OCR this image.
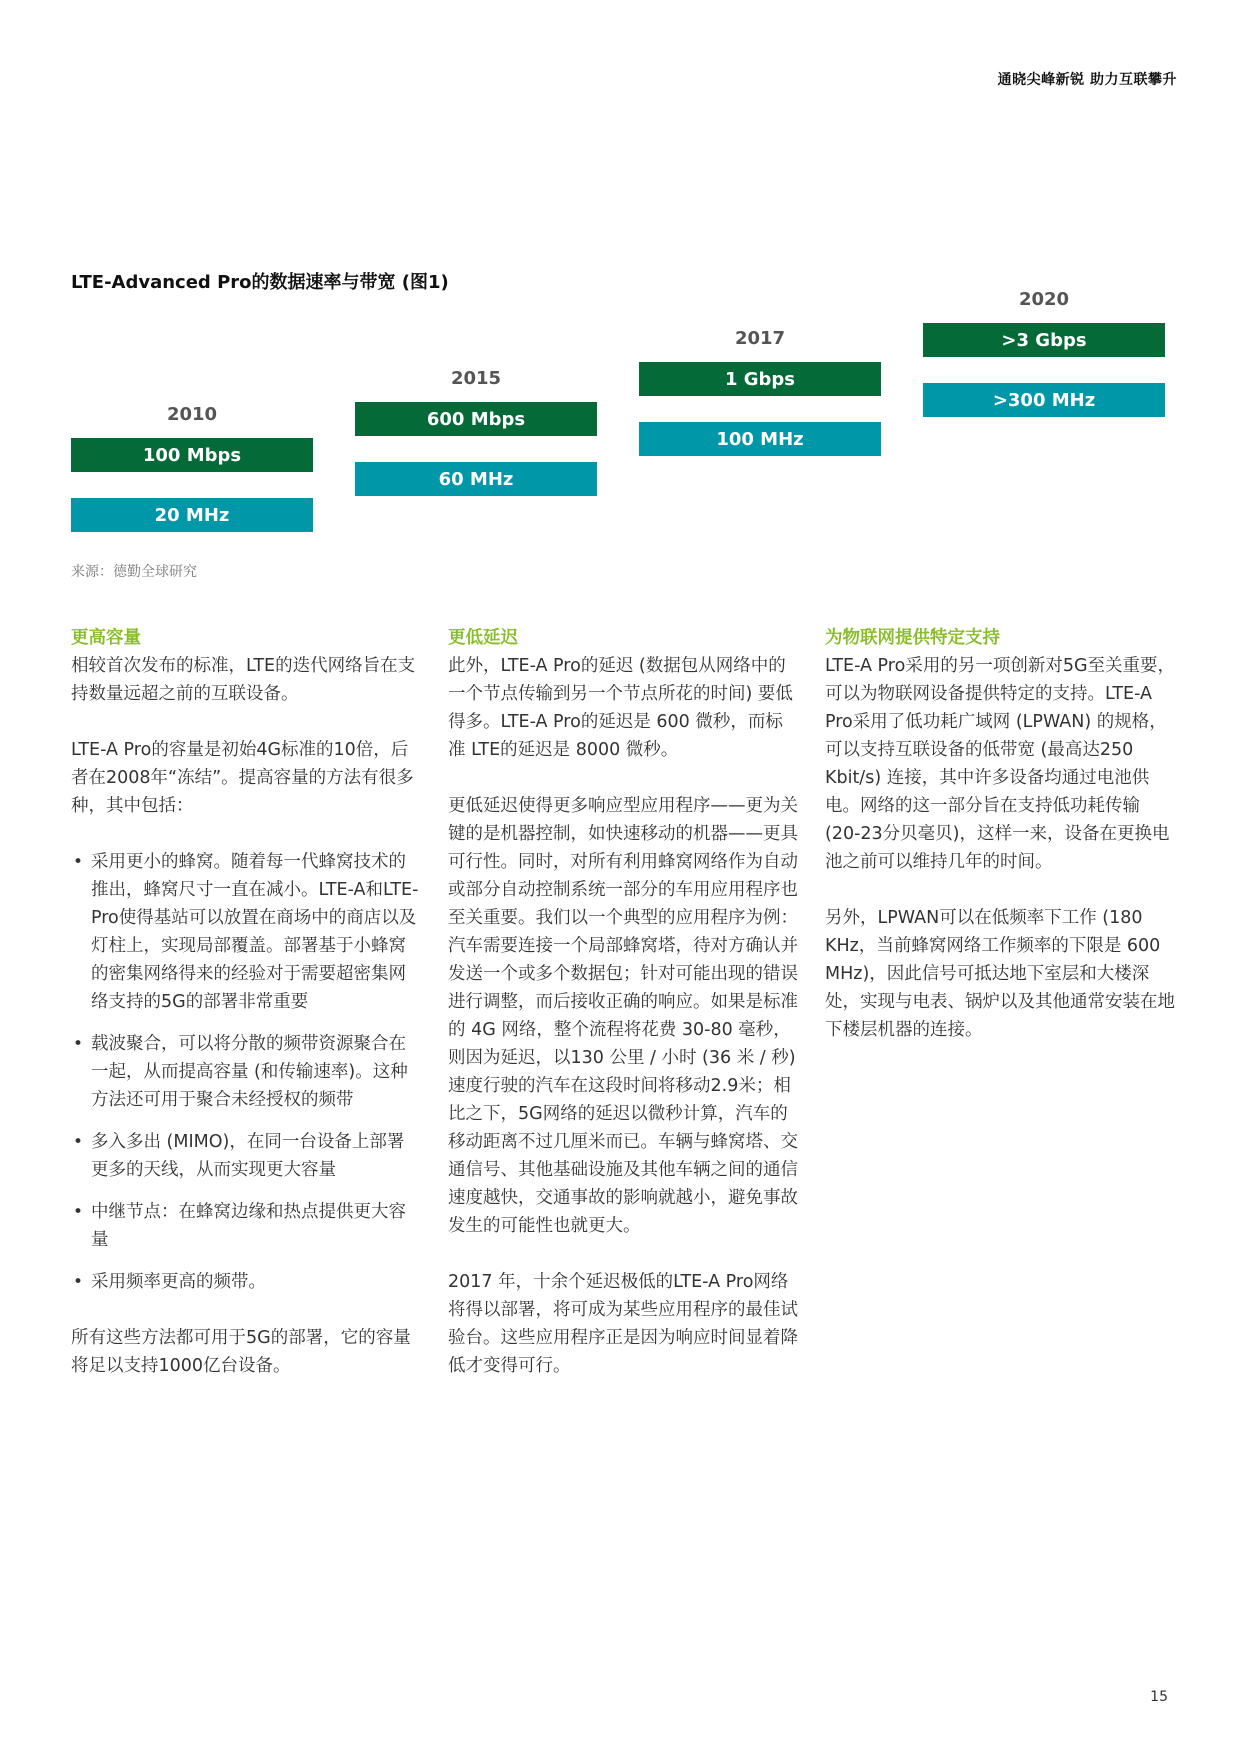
通晓尖峰新锐 助力互联攀升
LTE-Advanced Pro的数据速率与带宽 (图1)
2010
100 Mbps
20 MHz
2015
600 Mbps
60 MHz
2017
1 Gbps
100 MHz
2020
>3 Gbps
>300 MHz
来源：德勤全球研究
更高容量

相较首次发布的标准，LTE的迭代网络旨在支持数量远超之前的互联设备。

LTE-A Pro的容量是初始4G标准的10倍，后者在2008年“冻结”。提高容量的方法有很多种，其中包括：

• 采用更小的蜂窝。随着每一代蜂窝技术的推出，蜂窝尺寸一直在减小。LTE-A和LTE-Pro使得基站可以放置在商场中的商店以及灯柱上，实现局部覆盖。部署基于小蜂窝的密集网络得来的经验对于需要超密集网络支持的5G的部署非常重要
• 载波聚合，可以将分散的频带资源聚合在一起，从而提高容量 (和传输速率)。这种方法还可用于聚合未经授权的频带
• 多入多出 (MIMO)，在同一台设备上部署更多的天线，从而实现更大容量
• 中继节点：在蜂窝边缘和热点提供更大容量
• 采用频率更高的频带。

所有这些方法都可用于5G的部署，它的容量将足以支持1000亿台设备。

更低延迟

此外，LTE-A Pro的延迟 (数据包从网络中的一个节点传输到另一个节点所花的时间) 要低得多。LTE-A Pro的延迟是 600 微秒，而标准 LTE的延迟是 8000 微秒。

更低延迟使得更多响应型应用程序——更为关键的是机器控制，如快速移动的机器——更具可行性。同时，对所有利用蜂窝网络作为自动或部分自动控制系统一部分的车用应用程序也至关重要。我们以一个典型的应用程序为例：汽车需要连接一个局部蜂窝塔，待对方确认并发送一个或多个数据包；针对可能出现的错误进行调整，而后接收正确的响应。如果是标准的 4G 网络，整个流程将花费 30-80 毫秒，则因为延迟，以130 公里 / 小时 (36 米 / 秒) 速度行驶的汽车在这段时间将移动2.9米；相比之下，5G网络的延迟以微秒计算，汽车的移动距离不过几厘米而已。车辆与蜂窝塔、交通信号、其他基础设施及其他车辆之间的通信速度越快，交通事故的影响就越小，避免事故发生的可能性也就更大。

2017 年，十余个延迟极低的LTE-A Pro网络将得以部署，将可成为某些应用程序的最佳试验台。这些应用程序正是因为响应时间显着降低才变得可行。

为物联网提供特定支持

LTE-A Pro采用的另一项创新对5G至关重要，可以为物联网设备提供特定的支持。LTE-A Pro采用了低功耗广域网 (LPWAN) 的规格，可以支持互联设备的低带宽 (最高达250 Kbit/s) 连接，其中许多设备均通过电池供电。网络的这一部分旨在支持低功耗传输 (20-23分贝毫贝)，这样一来，设备在更换电池之前可以维持几年的时间。

另外，LPWAN可以在低频率下工作 (180 KHz，当前蜂窝网络工作频率的下限是 600 MHz)，因此信号可抵达地下室层和大楼深处，实现与电表、锅炉以及其他通常安装在地下楼层机器的连接。

15
